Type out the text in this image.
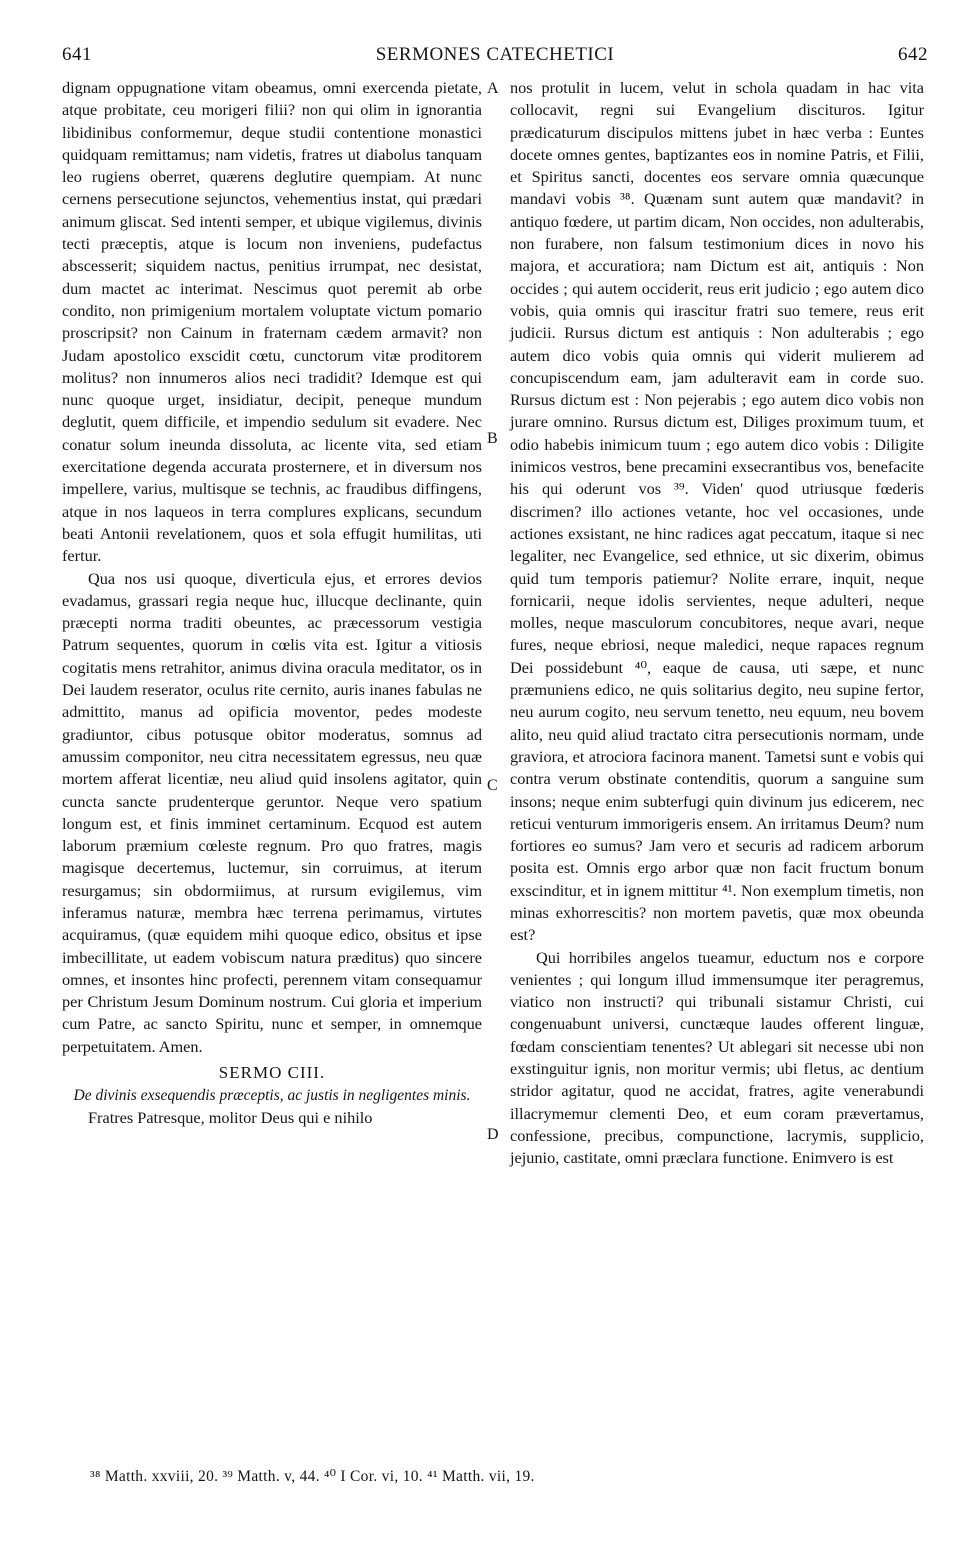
641	SERMONES CATECHETICI	642

dignam oppugnatione vitam obeamus, omni exercenda pietate, atque probitate, ceu morigeri filii? non qui olim in ignorantia libidinibus conformemur, deque studii contentione monastici quidquam remittamus; nam videtis, fratres ut diabolus tanquam leo rugiens oberret, quærens deglutire quempiam. At nunc cernens persecutione sejunctos, vehementius instat, qui prædari animum gliscat. Sed intenti semper, et ubique vigilemus, divinis tecti præceptis, atque is locum non inveniens, pudefactus abscesserit; siquidem nactus, penitius irrumpat, nec desistat, dum mactet ac interimat. Nescimus quot peremit ab orbe condito, non primigenium mortalem voluptate victum pomario proscripsit? non Cainum in fraternam cædem armavit? non Judam apostolico exscidit cœtu, cunctorum vitæ proditorem molitus? non innumeros alios neci tradidit? Idemque est qui nunc quoque urget, insidiatur, decipit, peneque mundum deglutit, quem difficile, et impendio sedulum sit evadere. Nec conatur solum ineunda dissoluta, ac licente vita, sed etiam exercitatione degenda accurata prosternere, et in diversum nos impellere, varius, multisque se technis, ac fraudibus diffingens, atque in nos laqueos in terra complures explicans, secundum beati Antonii revelationem, quos et sola effugit humilitas, uti fertur.

Qua nos usi quoque, diverticula ejus, et errores devios evadamus, grassari regia neque huc, illucque declinante, quin præcepti norma traditi obeuntes, ac præcessorum vestigia Patrum sequentes, quorum in cœlis vita est. Igitur a vitiosis cogitatis mens retrahitor, animus divina oracula meditator, os in Dei laudem reserator, oculus rite cernito, auris inanes fabulas ne admittito, manus ad opificia moventor, pedes modeste gradiuntor, cibus potusque obitor moderatus, somnus ad amussim componitor, neu citra necessitatem egressus, neu quæ mortem afferat licentiæ, neu aliud quid insolens agitator, quin cuncta sancte prudenterque geruntor. Neque vero spatium longum est, et finis imminet certaminum. Ecquod est autem laborum præmium cœleste regnum. Pro quo fratres, magis magisque decertemus, luctemur, sin corruimus, at iterum resurgamus; sin obdormiimus, at rursum evigilemus, vim inferamus naturæ, membra hæc terrena perimamus, virtutes acquiramus, (quæ equidem mihi quoque edico, obsitus et ipse imbecillitate, ut eadem vobiscum natura præditus) quo sincere omnes, et insontes hinc profecti, perennem vitam consequamur per Christum Jesum Dominum nostrum. Cui gloria et imperium cum Patre, ac sancto Spiritu, nunc et semper, in omnemque perpetuitatem. Amen.

SERMO CIII.
De divinis exsequendis præceptis, ac justis in negligentes minis.

Fratres Patresque, molitor Deus qui e nihilo

A
B
C
D

nos protulit in lucem, velut in schola quadam in hac vita collocavit, regni sui Evangelium discituros. Igitur prædicaturum discipulos mittens jubet in hæc verba : Euntes docete omnes gentes, baptizantes eos in nomine Patris, et Filii, et Spiritus sancti, docentes eos servare omnia quæcunque mandavi vobis ³⁸. Quænam sunt autem quæ mandavit? in antiquo fœdere, ut partim dicam, Non occides, non adulterabis, non furabere, non falsum testimonium dices in novo his majora, et accuratiora; nam Dictum est ait, antiquis : Non occides ; qui autem occiderit, reus erit judicio ; ego autem dico vobis, quia omnis qui irascitur fratri suo temere, reus erit judicii. Rursus dictum est antiquis : Non adulterabis ; ego autem dico vobis quia omnis qui viderit mulierem ad concupiscendum eam, jam adulteravit eam in corde suo. Rursus dictum est : Non pejerabis ; ego autem dico vobis non jurare omnino. Rursus dictum est, Diliges proximum tuum, et odio habebis inimicum tuum ; ego autem dico vobis : Diligite inimicos vestros, bene precamini exsecrantibus vos, benefacite his qui oderunt vos ³⁹. Viden' quod utriusque fœderis discrimen? illo actiones vetante, hoc vel occasiones, unde actiones exsistant, ne hinc radices agat peccatum, itaque si nec legaliter, nec Evangelice, sed ethnice, ut sic dixerim, obimus quid tum temporis patiemur? Nolite errare, inquit, neque fornicarii, neque idolis servientes, neque adulteri, neque molles, neque masculorum concubitores, neque avari, neque fures, neque ebriosi, neque maledici, neque rapaces regnum Dei possidebunt ⁴⁰, eaque de causa, uti sæpe, et nunc præmuniens edico, ne quis solitarius degito, neu supine fertor, neu aurum cogito, neu servum tenetto, neu equum, neu bovem alito, neu quid aliud tractato citra persecutionis normam, unde graviora, et atrociora facinora manent. Tametsi sunt e vobis qui contra verum obstinate contenditis, quorum a sanguine sum insons; neque enim subterfugi quin divinum jus edicerem, nec reticui venturum immorigeris ensem. An irritamus Deum? num fortiores eo sumus? Jam vero et securis ad radicem arborum posita est. Omnis ergo arbor quæ non facit fructum bonum exscinditur, et in ignem mittitur ⁴¹. Non exemplum timetis, non minas exhorrescitis? non mortem pavetis, quæ mox obeunda est?

Qui horribiles angelos tueamur, eductum nos e corpore venientes ; qui longum illud immensumque iter peragremus, viatico non instructi? qui tribunali sistamur Christi, cui congenuabunt universi, cunctæque laudes offerent linguæ, fœdam conscientiam tenentes? Ut ablegari sit necesse ubi non exstinguitur ignis, non moritur vermis; ubi fletus, ac dentium stridor agitatur, quod ne accidat, fratres, agite venerabundi illacrymemur clementi Deo, et eum coram prævertamus, confessione, precibus, compunctione, lacrymis, supplicio, jejunio, castitate, omni præclara functione. Enimvero is est

³⁸ Matth. xxviii, 20. ³⁹ Matth. v, 44. ⁴⁰ I Cor. vi, 10. ⁴¹ Matth. vii, 19.
